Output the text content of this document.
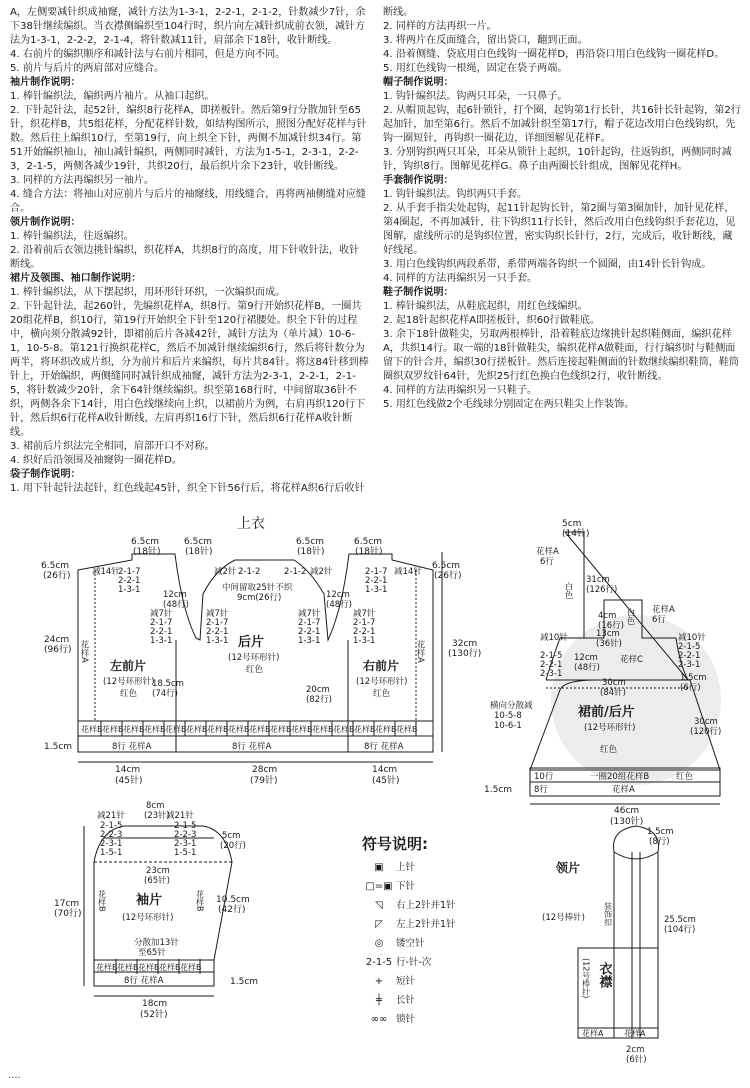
A，左侧要减针织成袖窿，减针方法为1-3-1，2-2-1，2-1-2，针数减少7针，余下38针继续编织。当衣襟侧编织至104行时，织片向左减针织成前衣领，减针方法为1-3-1，2-2-2，2-1-4，将针数减11针，肩部余下18针，收针断线。

4. 右前片的编织顺序和减针法与右前片相同，但是方向不同。

5. 前片与后片的两肩部对应缝合。

袖片制作说明：

1. 棒针编织法，编织两片袖片。从袖口起织。

2. 下针起针法，起52针，编织8行花样A，即搓板针。然后第9行分散加针至65针，织花样B，共5组花样，分配花样针数，如结构图所示，照图分配好花样与针数。然后往上编织10行，至第19行，向上织全下针，两侧不加减针织34行。第51开始编织袖山，袖山减针编织，两侧同时减针，方法为1-5-1，2-3-1，2-2-3，2-1-5，两侧各减少19针，共织20行，最后织片余下23针，收针断线。

3. 同样的方法再编织另一袖片。

4. 缝合方法：将袖山对应前片与后片的袖窿线，用线缝合，再将两袖侧缝对应缝合。

领片制作说明：

1. 棒针编织法，往返编织。

2. 沿着前后衣领边挑针编织，织花样A，共织8行的高度，用下针收针法，收针断线。

裙片及领围、袖口制作说明：

1. 棒针编织法，从下摆起织，用环形针环织，一次编织而成。

2. 下针起针法，起260针，先编织花样A，织8行。第9行开始织花样B，一圈共20组花样B，织10行，第19行开始织全下针至120行裙腰处。织全下针的过程中，横向须分散减92针，即裙前后片各减42针，减针方法为（单片减）10-6-1，10-5-8。第121行换织花样C，然后不加减针继续编织6行，然后将针数分为两半，将环织改成片织，分为前片和后片来编织，每片共84针。将这84针移到棒针上，开始编织，两侧缝同时减针织成袖窿，减针方法为2-3-1，2-2-1，2-1-5，将针数减少20针，余下64针继续编织。织至第168行时，中间留取36针不织，两侧各余下14针，用白色线继续向上织，以裙前片为例，右肩再织120行下针，然后织6行花样A收针断线，左肩再织16行下针，然后织6行花样A收针断线。

3. 裙前后片织法完全相同，肩部开口不对称。

4. 织好后沿领围及袖窿钩一圈花样D。

袋子制作说明：

1. 用下针起针法起针，红色线起45针，织全下针56行后，将花样A织6行后收针

断线。

2. 同样的方法再织一片。

3. 将两片在反面缝合，留出袋口，翻到正面。

4. 沿着侧缝、袋底用白色线钩一圈花样D，再沿袋口用白色线钩一圈花样D。

5. 用红色线钩一根绳，固定在袋子两端。

帽子制作说明：

1. 钩针编织法。钩两只耳朵，一只鼻子。

2. 从帽顶起钩，起6针锁针，打个圈，起钩第1行长针，共16针长针起钩，第2行起加针，加至第6行。然后不加减针织至第17行，帽子花边改用白色线钩织，先钩一圈短针，再钩织一圈花边，详细图解见花样F。

3. 分别钩织两只耳朵，耳朵从锁针上起织，10针起钩，往返钩织，两侧同时减针，钩织8行。图解见花样G。鼻子由两圈长针组成，图解见花样H。

手套制作说明：

1. 钩针编织法。钩织两只手套。

2. 从手套手指尖处起钩，起11针起钩长针，第2圈与第3圈加针，加针见花样，第4圈起，不再加减针，往下钩织11行长针，然后改用白色线钩织手套花边，见图解，虚线所示的是钩织位置，密实钩织长针行，2行，完成后，收针断线，藏好线尾。

3. 用白色线钩织两段系带，系带两端各钩织一个圆圈，由14针长针钩成。

4. 同样的方法再编织另一只手套。

鞋子制作说明：

1. 棒针编织法，从鞋底起织，用红色线编织。

2. 起18针起织花样A即搓板针，织60行做鞋底。

3. 余下18针做鞋尖，另取两根棒针，沿着鞋底边缘挑针起织鞋侧面，编织花样A，共织14行。取一端的18针做鞋尖，编织花样A做鞋面，行行编织时与鞋侧面留下的针合并，编织30行搓板针。然后连接起鞋侧面的针数继续编织鞋筒，鞋筒圈织双罗纹针64针，先织25行红色换白色线织2行，收针断线。

4. 同样的方法再编织另一只鞋子。

5. 用红色线做2个毛线球分别固定在两只鞋尖上作装饰。

上衣
6.5cm
(18针)
6.5cm
(18针)
6.5cm
(18针)
6.5cm
(18针)
6.5cm
(26行)
6.5cm
(26行)
减14针
2-1-7
2-2-1
1-3-1
减14针
2-1-7
2-2-1
1-3-1
减2针 2-1-2	2-1-2 减2针
中间留取25针不织
9cm(26行)
减7针
2-1-7
2-2-1
1-3-1
减7针
2-1-7
2-2-1
1-3-1
减7针
2-1-7
2-2-1
1-3-1
减7针
2-1-7
2-2-1
1-3-1
12cm
(48行)
12cm
(48行)
24cm
(96行) 花样A	花样A
左前片
(12号环形针)
红色
后片
(12号环形针)
红色	右前片
(12号环形针)
红色
18.5cm
(74行)	20cm
(82行)
32cm
(130行)
花样B 花样B 花样B 花样B 花样B 花样B 花样B 花样B 花样B 花样B 花样B 花样B 花样B 花样B 花样B 花样B
8行 花样A	8行 花样A	8行 花样A
1.5cm
14cm
(45针)
28cm
(79针)
14cm
(45针)
5cm
(14针)
花样A
6行
白色
31cm
(126行)
4cm
(16行)
花样A
6行
白色
减10针
2-1-5
2-2-1
2-3-1
减10针
2-1-5
2-2-1
2-3-1
13cm
(36针)
12cm
(48行)
花样C
1.5cm
(6行)
30cm
(84针)
横向分散减
10-5-8
10-6-1
裙前/后片
(12号环形针)
红色
30cm
(120行)
10行	一圈20组花样B	红色
8行	花样A
1.5cm
46cm
(130针)
减21针	减21针
8cm
(23针)
2-1-5
2-2-3
2-3-1
1-5-1
2-1-5
2-2-3
2-3-1
1-5-1
5cm
(20行)
23cm
(65针)
17cm
(70行)
10.5cm
(42行)
袖片
(12号环形针)
花样B	花样B
分散加13针
至65针
花样B 花样B 花样B 花样B 花样B
8行 花样A	1.5cm
18cm
(52针)
领片
装饰扣
(12号棒针)
(12号棒针) 衣襟
1.5cm
(8行)
25.5cm
(104行)
花样A	花样A
2cm
(6针)
符号说明:
▣	上针
□=▣ 下针
◹	右上2针并1针
◸	左上2针并1针
◎	镂空针
2-1-5 行-针-次
+	短针
╪	长针
∞∞ 锁针
····
